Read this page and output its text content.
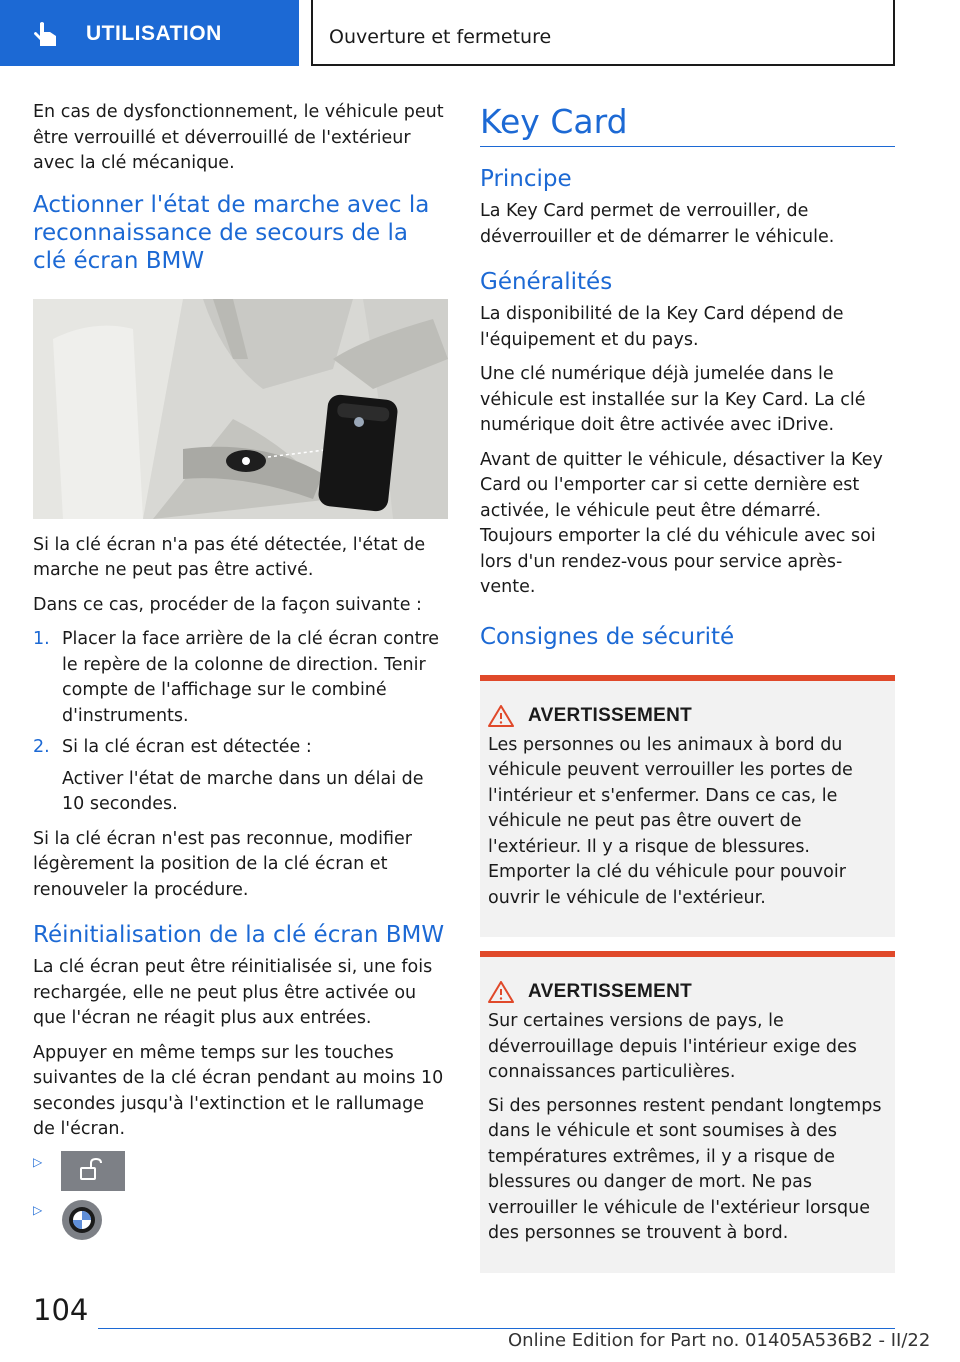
UTILISATION	Ouverture et fermeture

En cas de dysfonctionnement, le véhicule peut être verrouillé et déverrouillé de l'extérieur avec la clé mécanique.

Actionner l'état de marche avec la reconnaissance de secours de la clé écran BMW

Si la clé écran n'a pas été détectée, l'état de marche ne peut pas être activé.

Dans ce cas, procéder de la façon suivante :

1. Placer la face arrière de la clé écran contre le repère de la colonne de direction. Tenir compte de l'affichage sur le combiné d'instruments.
2. Si la clé écran est détectée :
Activer l'état de marche dans un délai de 10 secondes.

Si la clé écran n'est pas reconnue, modifier légèrement la position de la clé écran et renouveler la procédure.

Réinitialisation de la clé écran BMW

La clé écran peut être réinitialisée si, une fois rechargée, elle ne peut plus être activée ou que l'écran ne réagit plus aux entrées.

Appuyer en même temps sur les touches suivantes de la clé écran pendant au moins 10 secondes jusqu'à l'extinction et le rallumage de l'écran.

▷
▷
Key Card
Principe

La Key Card permet de verrouiller, de déverrouiller et de démarrer le véhicule.

Généralités

La disponibilité de la Key Card dépend de l'équipement et du pays.

Une clé numérique déjà jumelée dans le véhicule est installée sur la Key Card. La clé numérique doit être activée avec iDrive.

Avant de quitter le véhicule, désactiver la Key Card ou l'emporter car si cette dernière est activée, le véhicule peut être démarré. Toujours emporter la clé du véhicule avec soi lors d'un rendez-vous pour service après-vente.

Consignes de sécurité
AVERTISSEMENT

Les personnes ou les animaux à bord du véhicule peuvent verrouiller les portes de l'intérieur et s'enfermer. Dans ce cas, le véhicule ne peut pas être ouvert de l'extérieur. Il y a risque de blessures. Emporter la clé du véhicule pour pouvoir ouvrir le véhicule de l'extérieur.

AVERTISSEMENT

Sur certaines versions de pays, le déverrouillage depuis l'intérieur exige des connaissances particulières.

Si des personnes restent pendant longtemps dans le véhicule et sont soumises à des températures extrêmes, il y a risque de blessures ou danger de mort. Ne pas verrouiller le véhicule de l'extérieur lorsque des personnes se trouvent à bord.

104
Online Edition for Part no. 01405A536B2 - II/22
